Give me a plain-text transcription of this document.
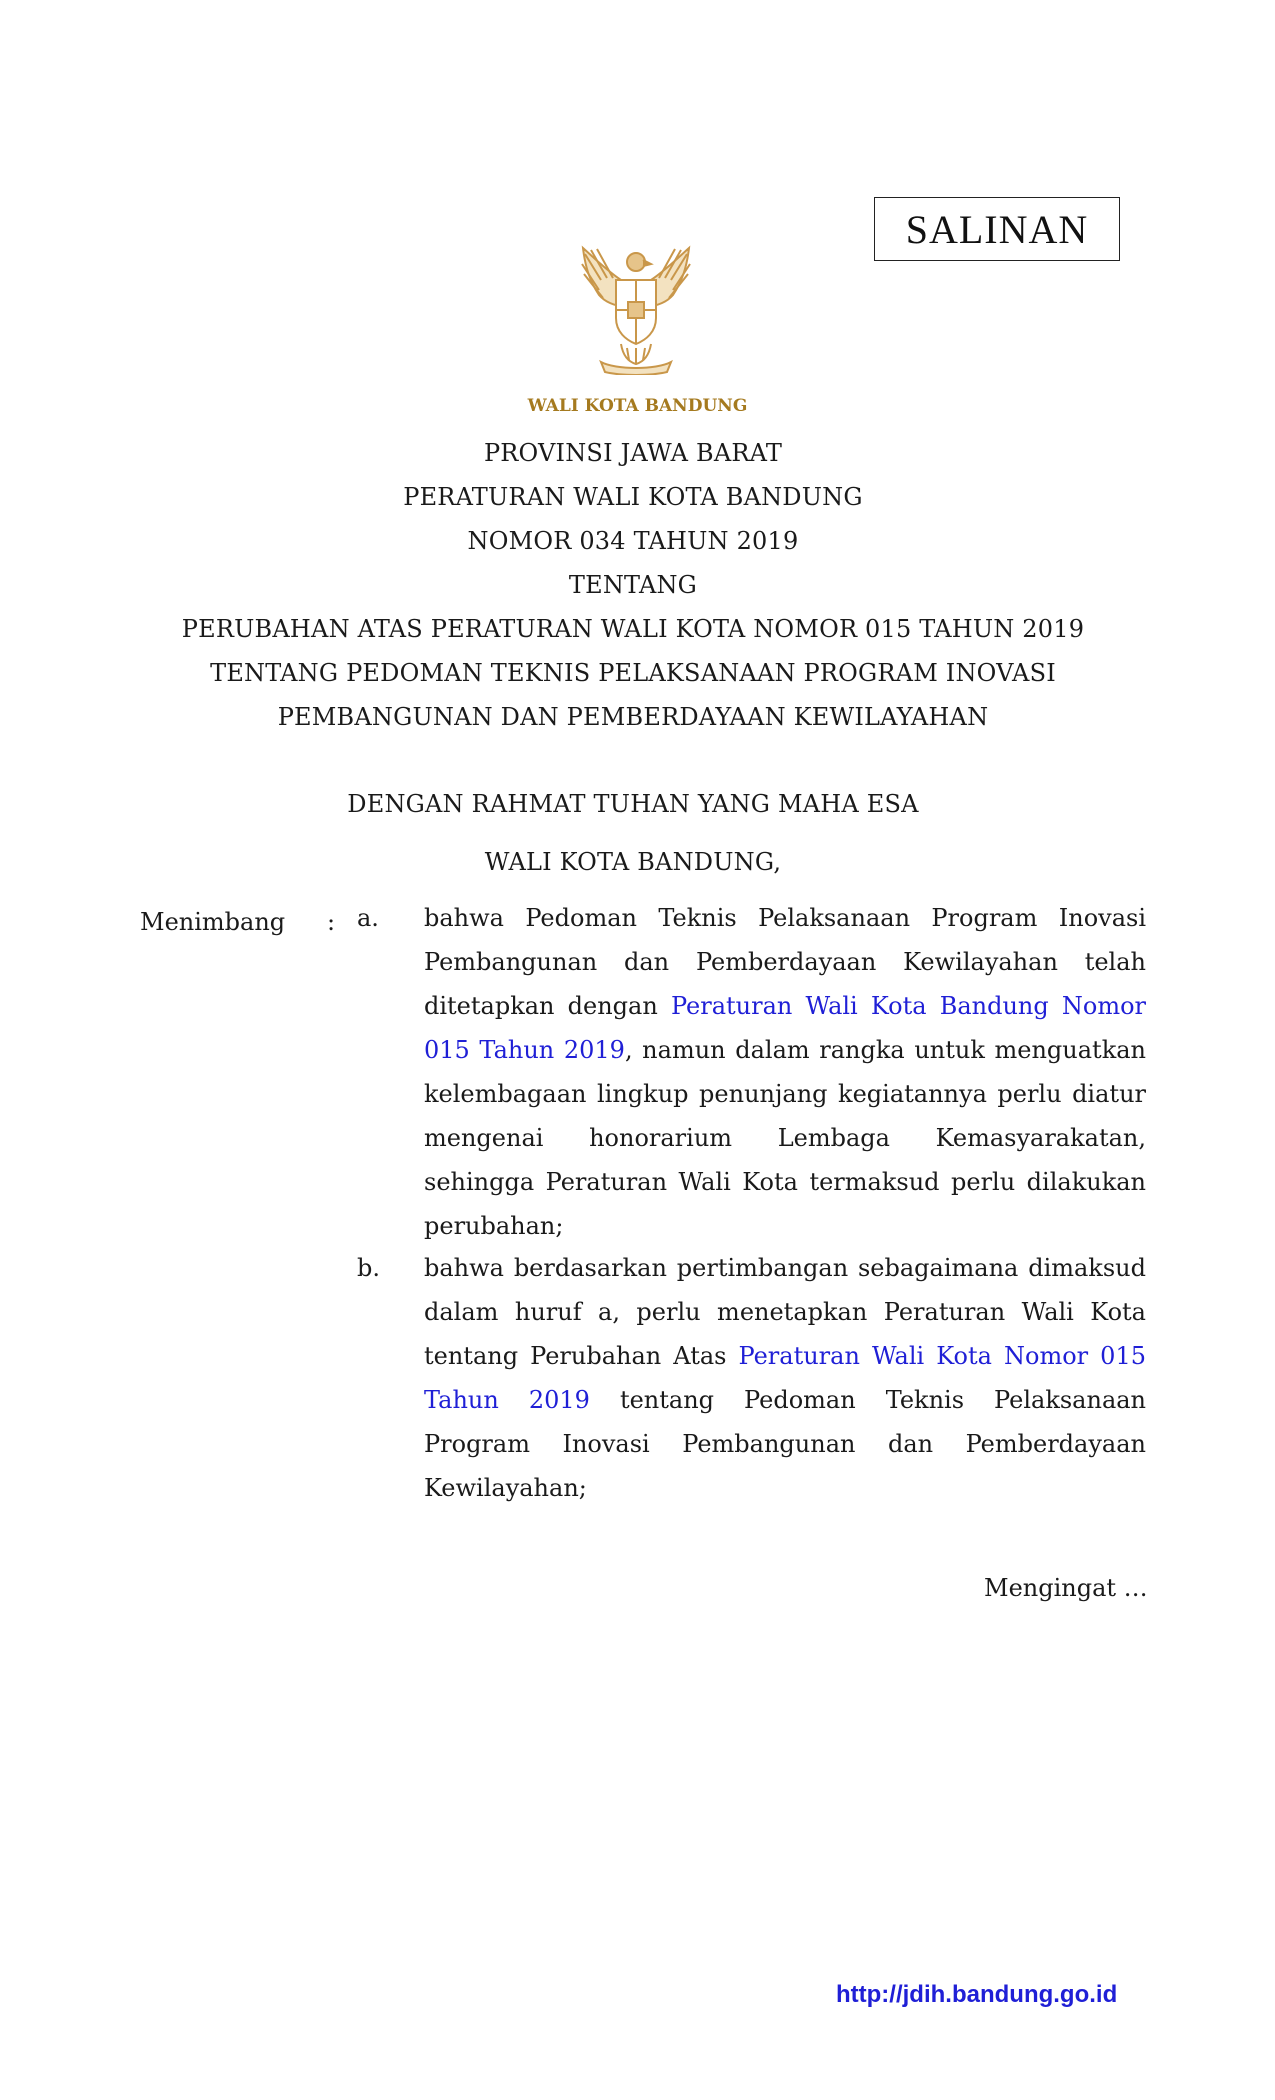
SALINAN
WALI KOTA BANDUNG
PROVINSI JAWA BARAT
PERATURAN WALI KOTA BANDUNG
NOMOR 034 TAHUN 2019
TENTANG
PERUBAHAN ATAS PERATURAN WALI KOTA NOMOR 015 TAHUN 2019
TENTANG PEDOMAN TEKNIS PELAKSANAAN PROGRAM INOVASI
PEMBANGUNAN DAN PEMBERDAYAAN KEWILAYAHAN
DENGAN RAHMAT TUHAN YANG MAHA ESA
WALI KOTA BANDUNG,
Menimbang : a. bahwa Pedoman Teknis Pelaksanaan Program Inovasi Pembangunan dan Pemberdayaan Kewilayahan telah ditetapkan dengan Peraturan Wali Kota Bandung Nomor 015 Tahun 2019, namun dalam rangka untuk menguatkan kelembagaan lingkup penunjang kegiatannya perlu diatur mengenai honorarium Lembaga Kemasyarakatan, sehingga Peraturan Wali Kota termaksud perlu dilakukan perubahan;
b. bahwa berdasarkan pertimbangan sebagaimana dimaksud dalam huruf a, perlu menetapkan Peraturan Wali Kota tentang Perubahan Atas Peraturan Wali Kota Nomor 015 Tahun 2019 tentang Pedoman Teknis Pelaksanaan Program Inovasi Pembangunan dan Pemberdayaan Kewilayahan;
Mengingat …
http://jdih.bandung.go.id
